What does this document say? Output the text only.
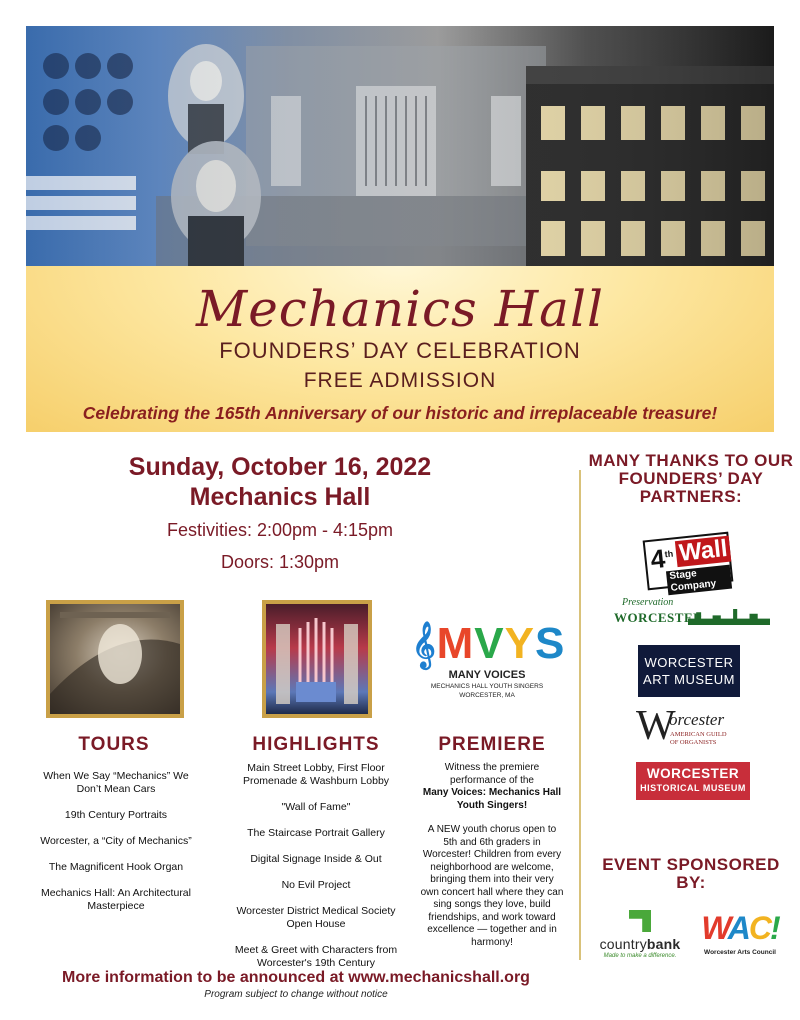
Mechanics Hall
FOUNDERS’ DAY CELEBRATION
FREE ADMISSION
Celebrating the 165th Anniversary of our historic and irreplaceable treasure!
Sunday, October 16, 2022
Mechanics Hall
Festivities: 2:00pm - 4:15pm
Doors: 1:30pm
𝄞MVYS
MANY VOICES
MECHANICS HALL YOUTH SINGERS
WORCESTER, MA
TOURS	HIGHLIGHTS	PREMIERE
When We Say “Mechanics” We Don’t Mean Cars
19th Century Portraits
Worcester, a “City of Mechanics”
The Magnificent Hook Organ
Mechanics Hall: An Architectural Masterpiece
Main Street Lobby, First Floor Promenade & Washburn Lobby
"Wall of Fame"
The Staircase Portrait Gallery
Digital Signage Inside & Out
No Evil Project
Worcester District Medical Society Open House
Meet & Greet with Characters from Worcester's 19th Century
Witness the premiere performance of the
Many Voices: Mechanics Hall Youth Singers!
A NEW youth chorus open to 5th and 6th graders in Worcester! Children from every neighborhood are welcome, bringing them into their very own concert hall where they can sing songs they love, build friendships, and work toward excellence — together and in harmony!
MANY THANKS TO OUR FOUNDERS’ DAY PARTNERS:
4th Wall
Stage Company
Preservation
WORCESTER
WORCESTER
ART MUSEUM
W
orcester
AMERICAN GUILD
OF ORGANISTS
WORCESTER
HISTORICAL MUSEUM
EVENT SPONSORED BY:
countrybank
Made to make a difference.
WAC!
Worcester Arts Council
More information to be announced at www.mechanicshall.org
Program subject to change without notice
